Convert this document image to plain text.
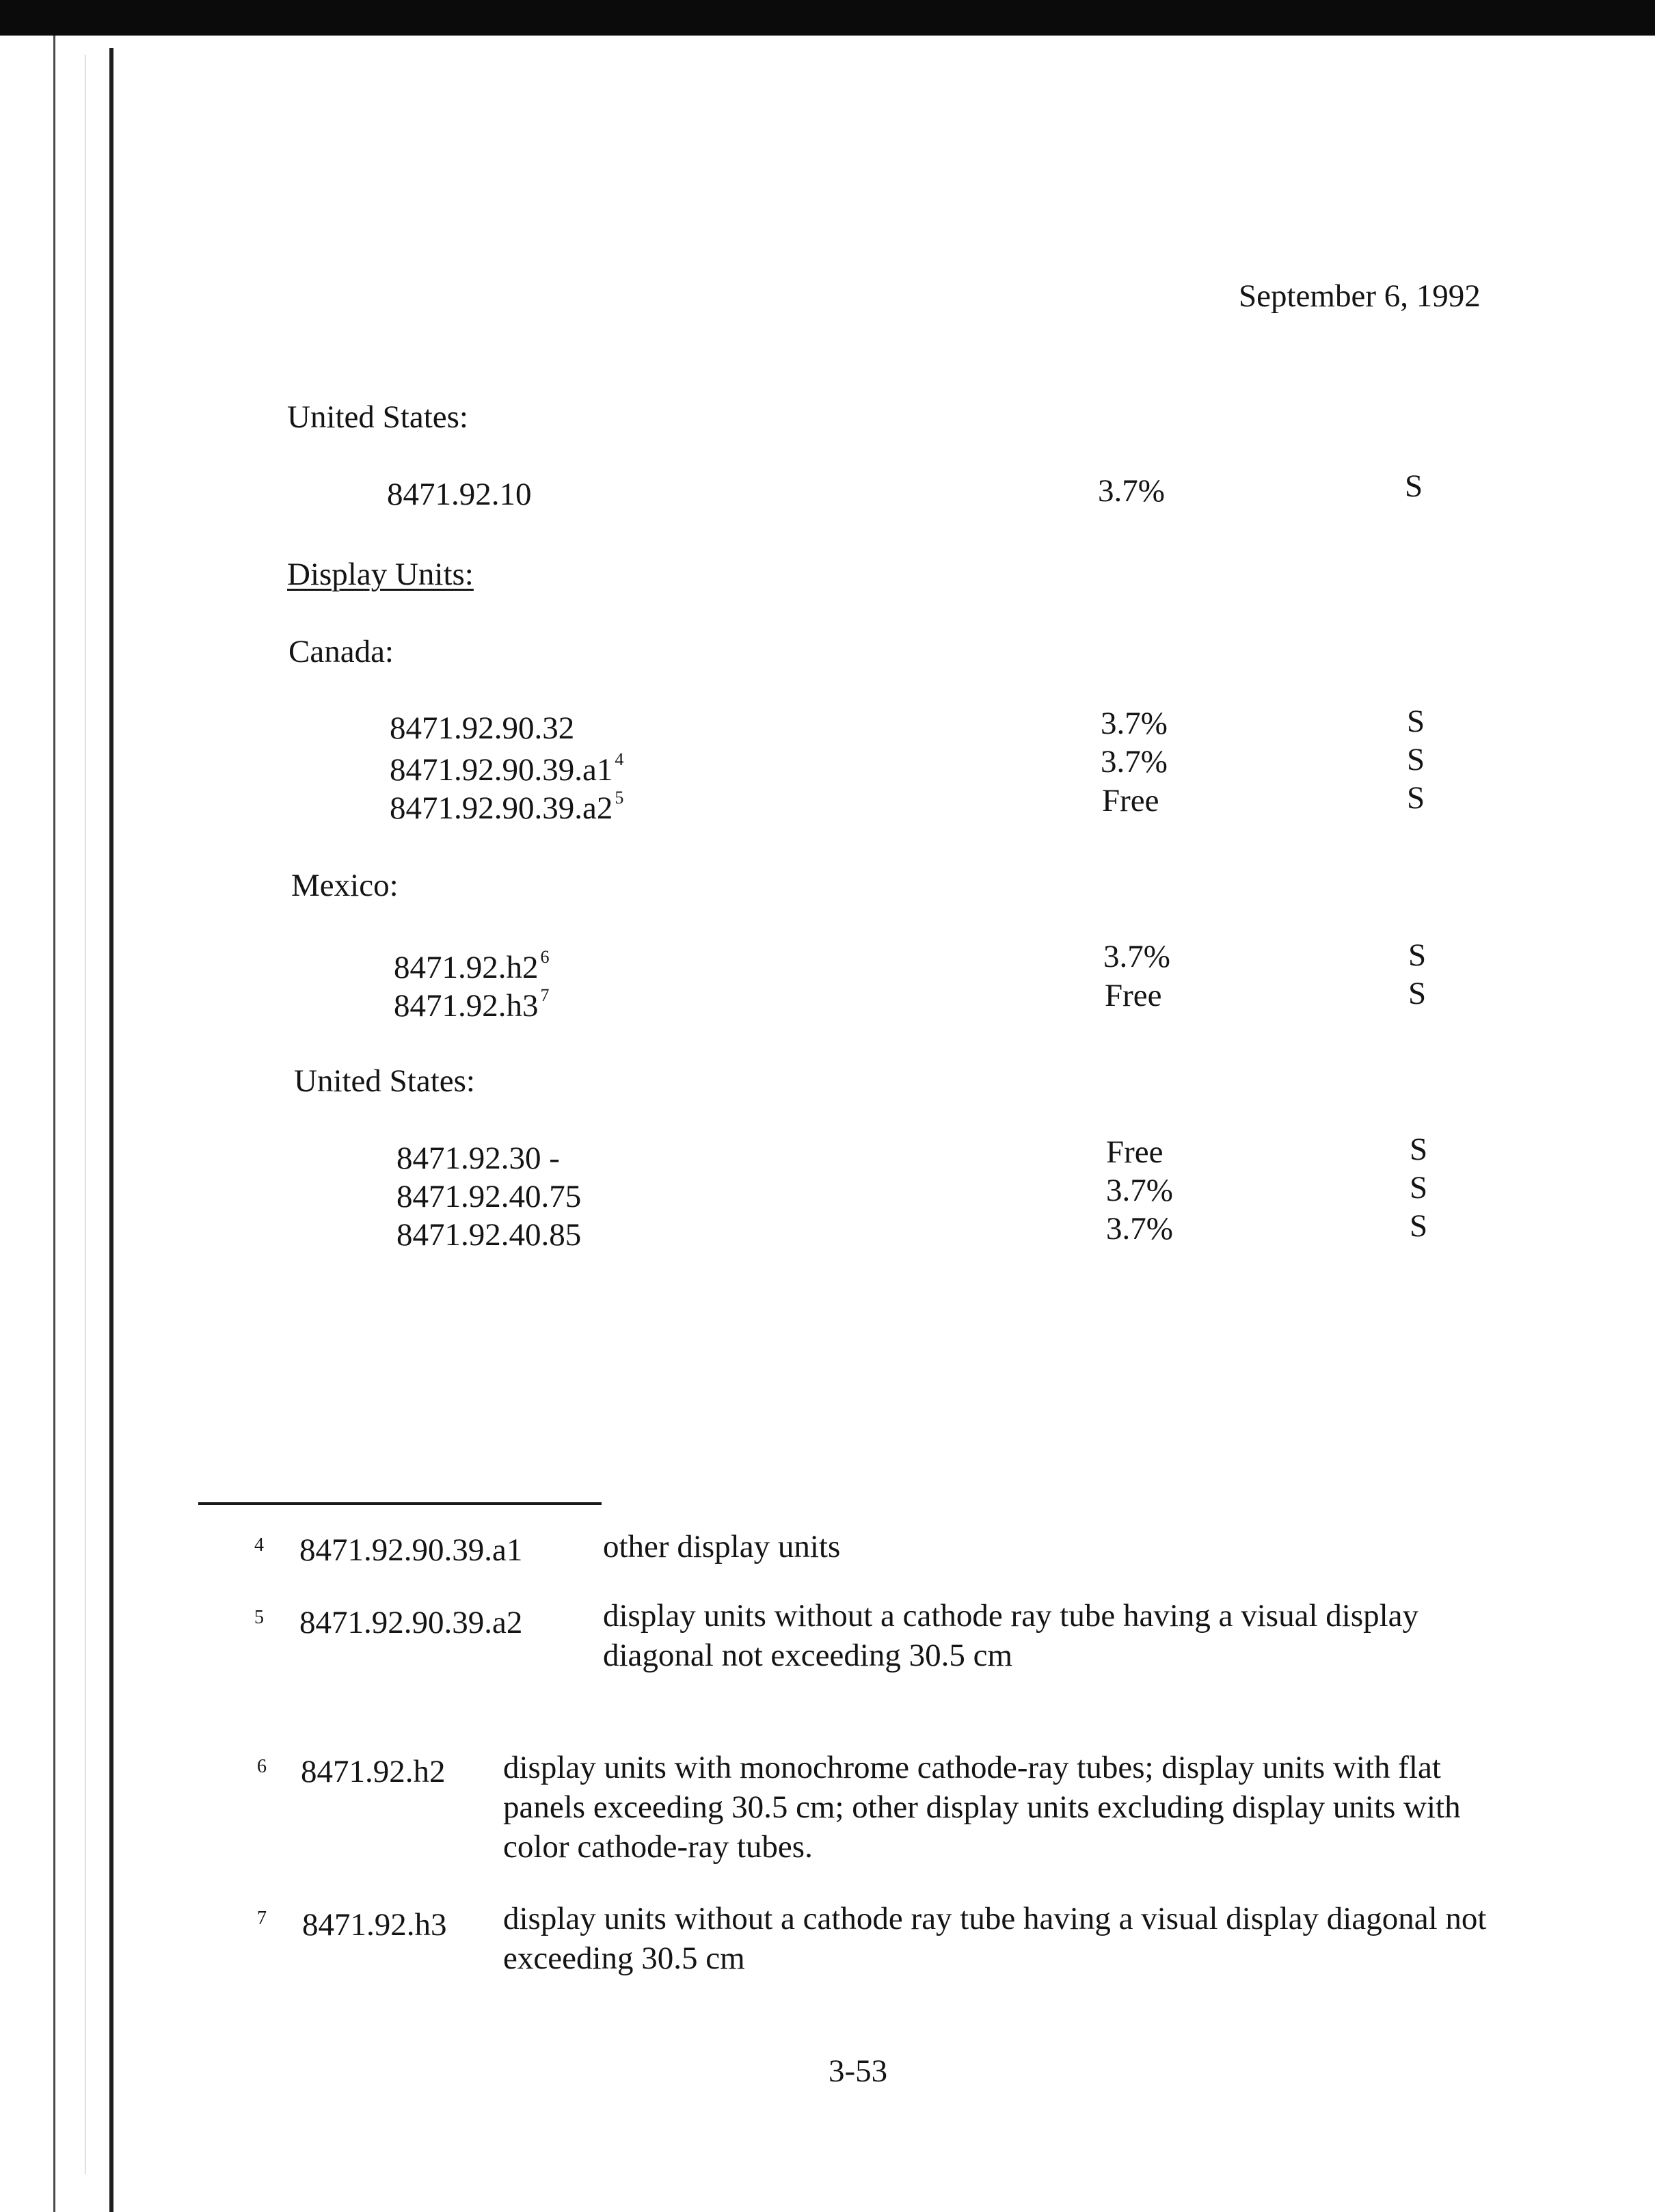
September 6, 1992
United States:
8471.92.10	3.7%	S
Display Units:
Canada:
8471.92.90.32	3.7%	S
8471.92.90.39.a1 $^4$	3.7%	S
8471.92.90.39.a2 $^5$	Free	S
Mexico:
8471.92.h2 $^6$	3.7%	S
8471.92.h3 $^7$	Free	S
United States:
8471.92.30 -	Free	S
8471.92.40.75	3.7%	S
8471.92.40.85	3.7%	S
4 8471.92.90.39.a1	other display units
5 8471.92.90.39.a2	display units without a cathode ray tube having a visual display diagonal not exceeding 30.5 cm
6 8471.92.h2 display units with monochrome cathode-ray tubes; display units with flat panels exceeding 30.5 cm; other display units excluding display units with color cathode-ray tubes.
7 8471.92.h3 display units without a cathode ray tube having a visual display diagonal not exceeding 30.5 cm
3-53
